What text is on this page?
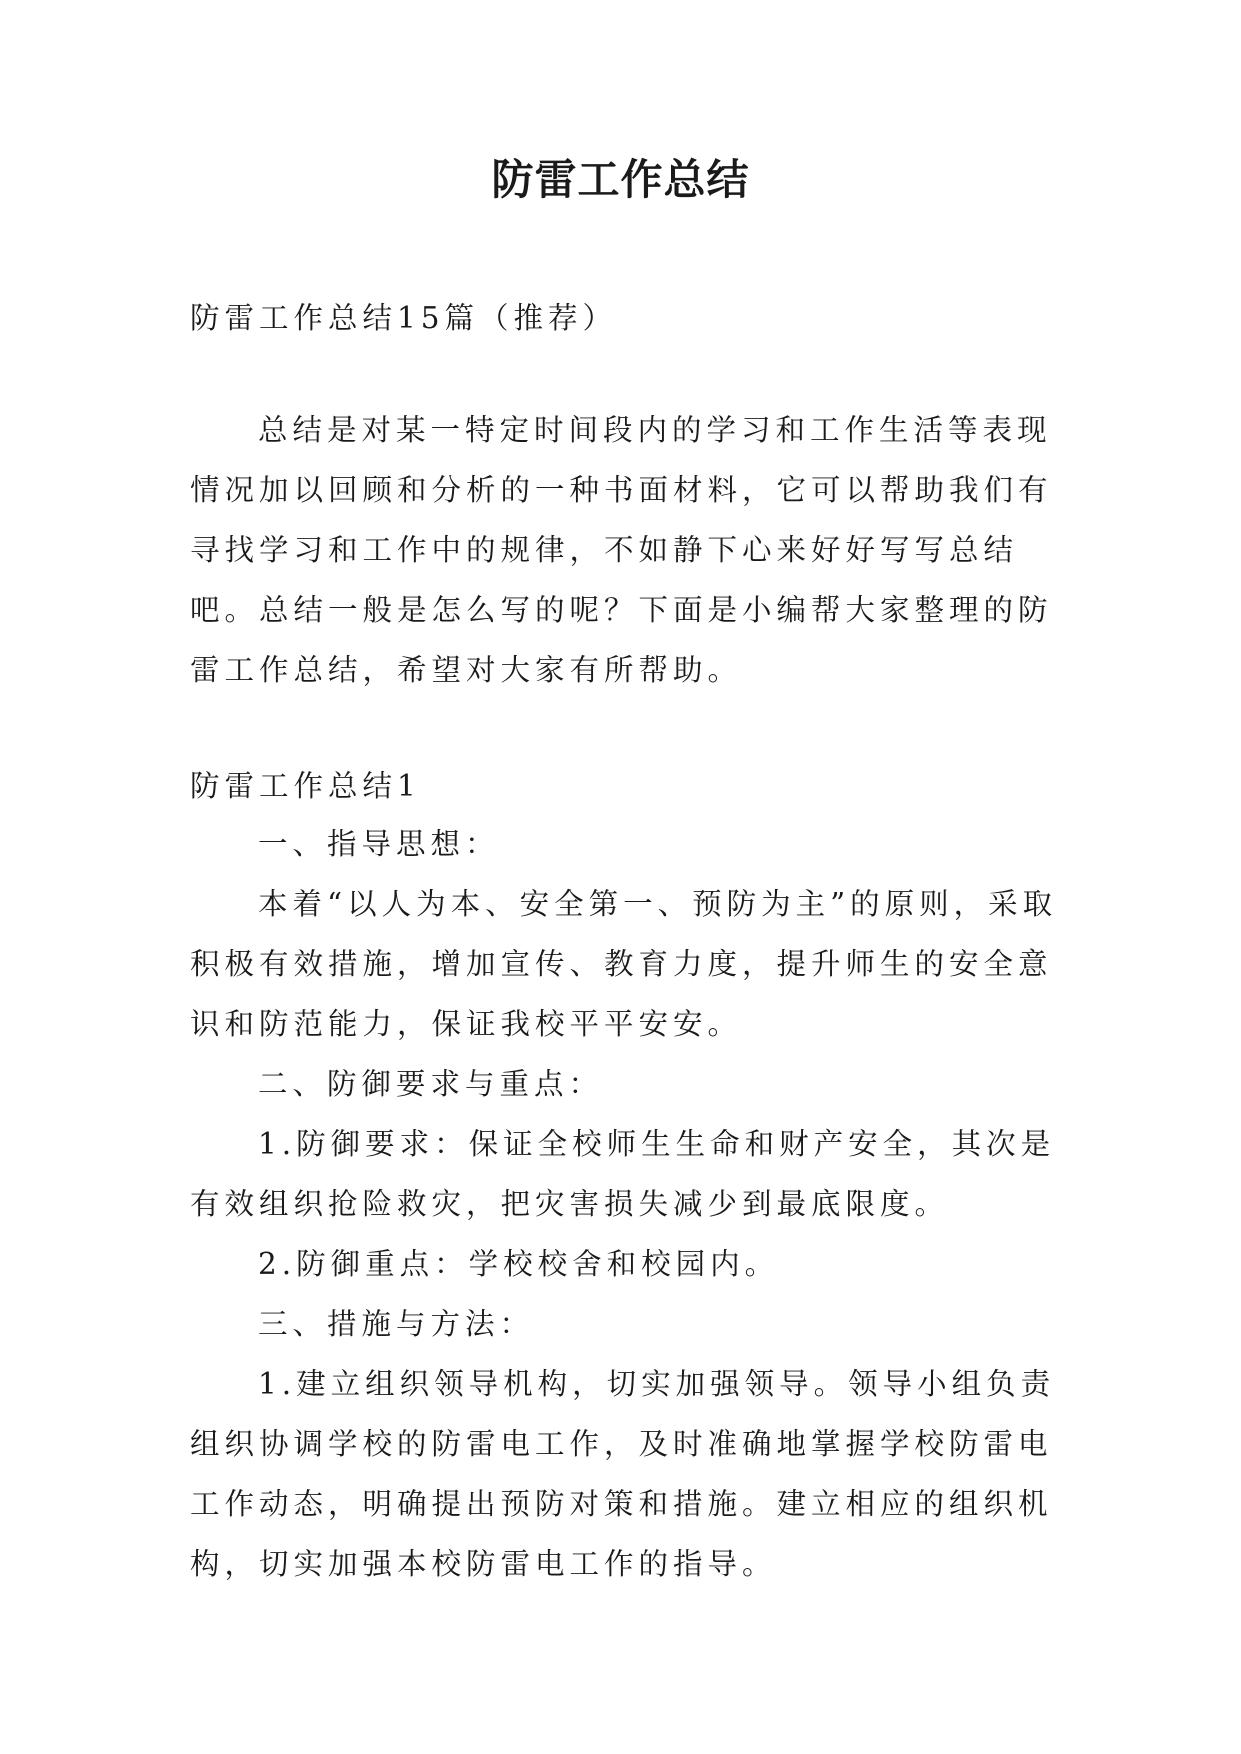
防雷工作总结

防雷工作总结15篇（推荐）

总结是对某一特定时间段内的学习和工作生活等表现情况加以回顾和分析的一种书面材料，它可以帮助我们有寻找学习和工作中的规律，不如静下心来好好写写总结吧。总结一般是怎么写的呢？下面是小编帮大家整理的防雷工作总结，希望对大家有所帮助。

防雷工作总结1

一、指导思想：

本着“以人为本、安全第一、预防为主”的原则，采取积极有效措施，增加宣传、教育力度，提升师生的安全意识和防范能力，保证我校平平安安。

二、防御要求与重点：

1.防御要求：保证全校师生生命和财产安全，其次是有效组织抢险救灾，把灾害损失减少到最底限度。

2.防御重点：学校校舍和校园内。

三、措施与方法：

1.建立组织领导机构，切实加强领导。领导小组负责组织协调学校的防雷电工作，及时准确地掌握学校防雷电工作动态，明确提出预防对策和措施。建立相应的组织机构，切实加强本校防雷电工作的指导。
